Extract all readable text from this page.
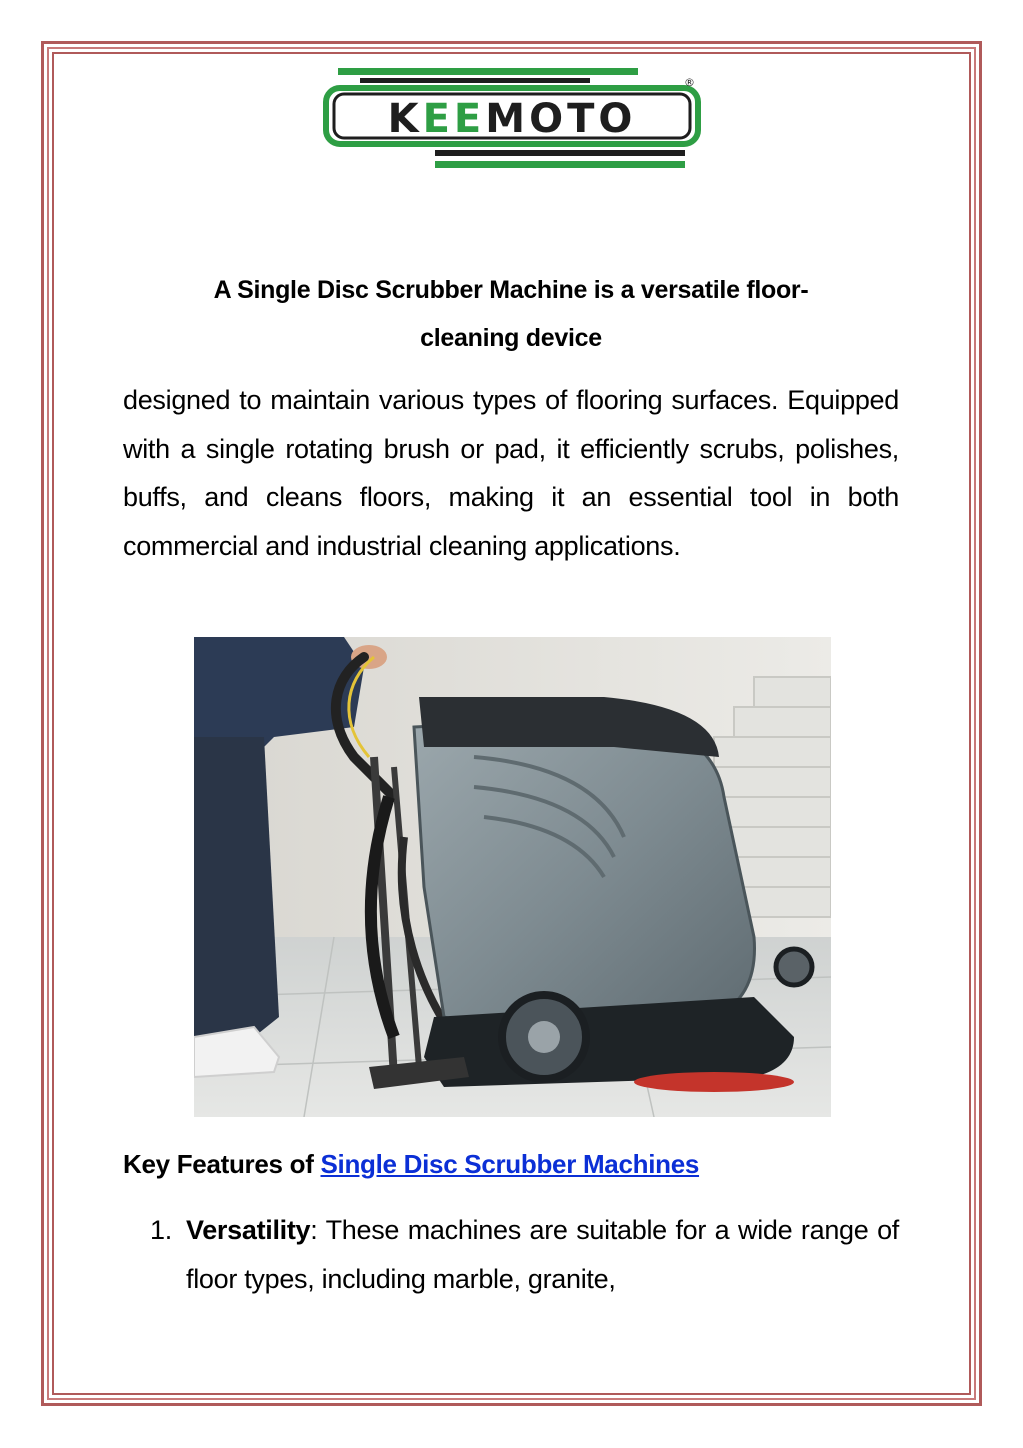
KEEMOTO
®
A Single Disc Scrubber Machine is a versatile floor-
cleaning device

designed to maintain various types of flooring surfaces. Equipped with a single rotating brush or pad, it efficiently scrubs, polishes, buffs, and cleans floors, making it an essential tool in both commercial and industrial cleaning applications.

Key Features of Single Disc Scrubber Machines
1. Versatility: These machines are suitable for a wide range of floor types, including marble, granite,
